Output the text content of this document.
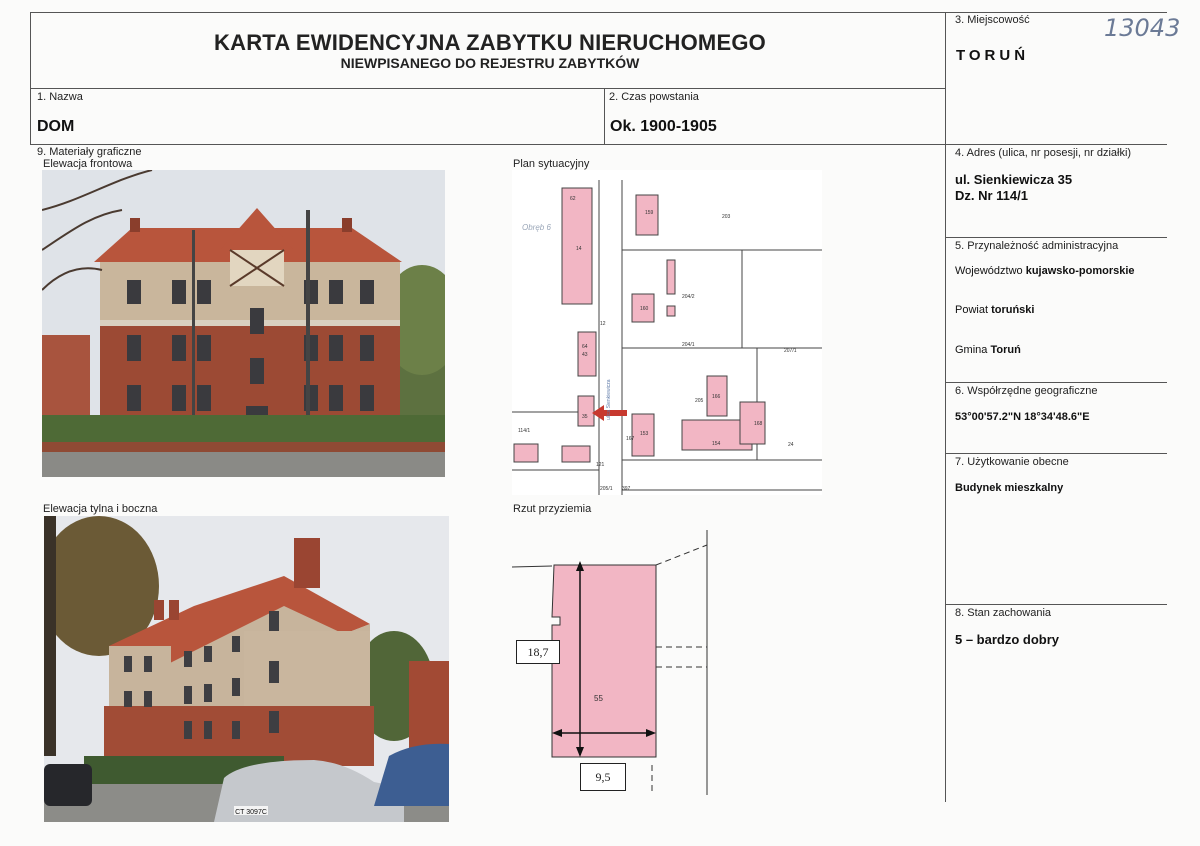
KARTA EWIDENCYJNA ZABYTKU NIERUCHOMEGO
NIEWPISANEGO DO REJESTRU ZABYTKÓW
13043
1. Nazwa
DOM
2. Czas powstania
Ok. 1900-1905
3. Miejscowość
TORUŃ
4. Adres (ulica, nr posesji, nr działki)
ul. Sienkiewicza 35
Dz. Nr 114/1
5. Przynależność administracyjna
Województwo kujawsko-pomorskie
Powiat toruński
Gmina Toruń
6. Współrzędne geograficzne
53°00'57.2"N 18°34'48.6"E
7. Użytkowanie obecne
Budynek mieszkalny
8. Stan zachowania
5 – bardzo dobry
9. Materiały graficzne
Elewacja frontowa
Elewacja tylna i boczna
Plan sytuacyjny
Rzut przyziemia
CT 3097C
62
159
203
14
12
204/2
160
204/1
207/1
64
43
205
166
153
168
154
114/1
24
121
205/1 397
167
35
Obręb 6
ulica Sienkiewicza
55
18,7
9,5
